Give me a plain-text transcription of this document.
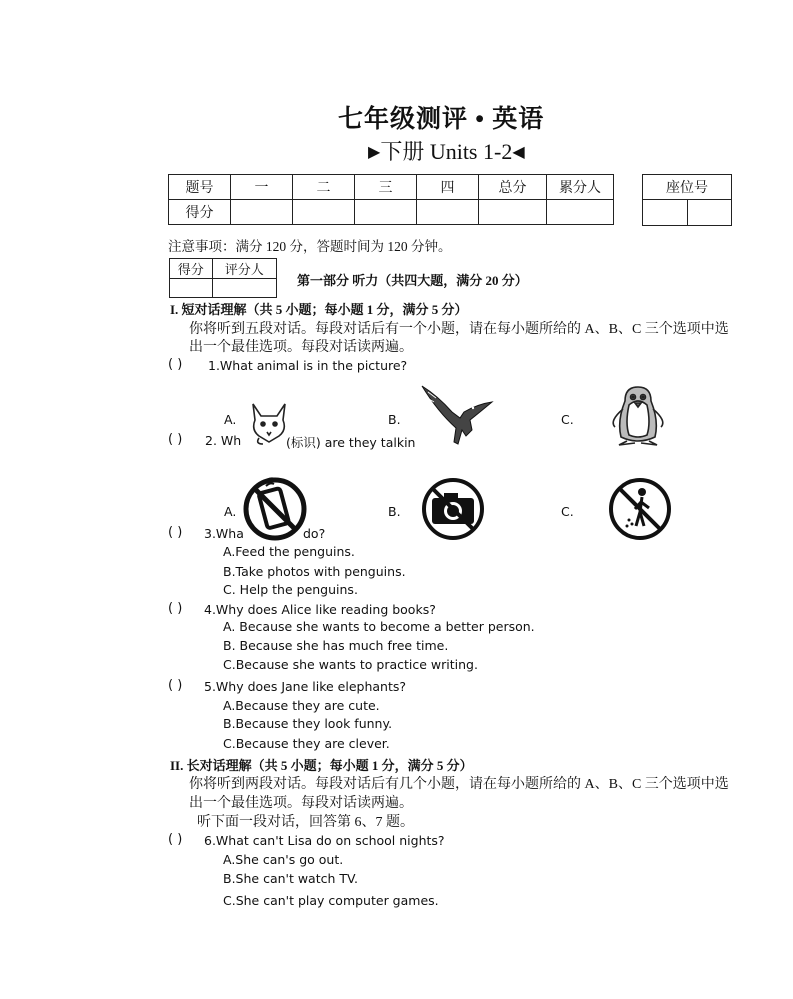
七年级测评 • 英语
▶下册 Units 1-2◀
题号	一	二	三	四	总分	累分人
得分						
座位号

注意事项：满分 120 分，答题时间为 120 分钟。
得分	评分人

第一部分 听力（共四大题，满分 20 分）
I. 短对话理解（共 5 小题；每小题 1 分，满分 5 分）
你将听到五段对话。每段对话后有一个小题，请在每小题所给的 A、B、C 三个选项中选
出一个最佳选项。每段对话读两遍。
( ) 1.What animal is in the picture?
A.	B.	C.
( ) 2. Wh	(标识) are they talkin
A.	B.	C.
( ) 3.Wha	do?
A.Feed the penguins.
B.Take photos with penguins.
C. Help the penguins.
( ) 4.Why does Alice like reading books?
A. Because she wants to become a better person.
B. Because she has much free time.
C.Because she wants to practice writing.
( ) 5.Why does Jane like elephants?
A.Because they are cute.
B.Because they look funny.
C.Because they are clever.
II. 长对话理解（共 5 小题；每小题 1 分，满分 5 分）
你将听到两段对话。每段对话后有几个小题，请在每小题所给的 A、B、C 三个选项中选
出一个最佳选项。每段对话读两遍。
听下面一段对话，回答第 6、7 题。
( ) 6.What can't Lisa do on school nights?
A.She can's go out.
B.She can't watch TV.
C.She can't play computer games.
